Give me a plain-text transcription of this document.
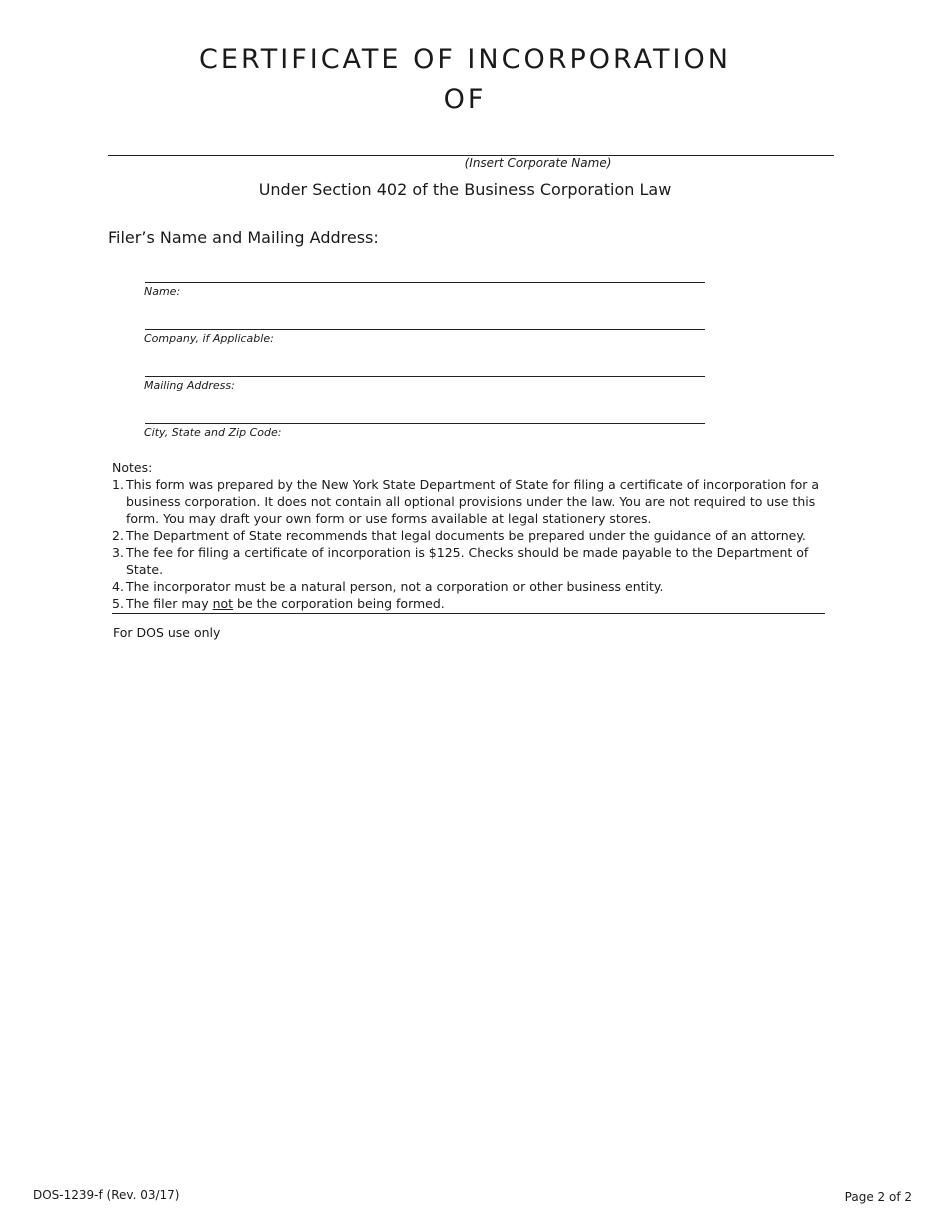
CERTIFICATE OF INCORPORATION
OF
(Insert Corporate Name)
Under Section 402 of the Business Corporation Law
Filer’s Name and Mailing Address:
Name:
Company, if Applicable:
Mailing Address:
City, State and Zip Code:
Notes:
1. This form was prepared by the New York State Department of State for filing a certificate of incorporation for a business corporation. It does not contain all optional provisions under the law. You are not required to use this form. You may draft your own form or use forms available at legal stationery stores.
2. The Department of State recommends that legal documents be prepared under the guidance of an attorney.
3. The fee for filing a certificate of incorporation is $125. Checks should be made payable to the Department of State.
4. The incorporator must be a natural person, not a corporation or other business entity.
5. The filer may not be the corporation being formed.
For DOS use only
DOS-1239-f (Rev. 03/17)	Page 2 of 2
